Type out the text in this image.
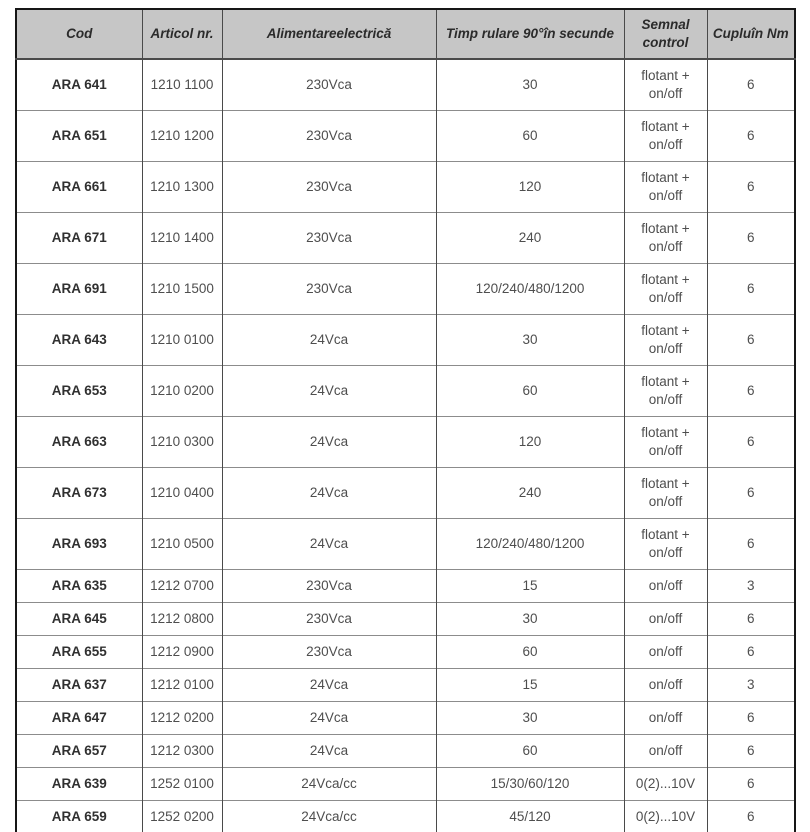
Cod	Articol nr.	Alimentareelectrică	Timp rulare 90°în secunde	Semnal control	Cupluîn Nm
ARA 641	1210 1100	230Vca	30	flotant + on/off	6
ARA 651	1210 1200	230Vca	60	flotant + on/off	6
ARA 661	1210 1300	230Vca	120	flotant + on/off	6
ARA 671	1210 1400	230Vca	240	flotant + on/off	6
ARA 691	1210 1500	230Vca	120/240/480/1200	flotant + on/off	6
ARA 643	1210 0100	24Vca	30	flotant + on/off	6
ARA 653	1210 0200	24Vca	60	flotant + on/off	6
ARA 663	1210 0300	24Vca	120	flotant + on/off	6
ARA 673	1210 0400	24Vca	240	flotant + on/off	6
ARA 693	1210 0500	24Vca	120/240/480/1200	flotant + on/off	6
ARA 635	1212 0700	230Vca	15	on/off	3
ARA 645	1212 0800	230Vca	30	on/off	6
ARA 655	1212 0900	230Vca	60	on/off	6
ARA 637	1212 0100	24Vca	15	on/off	3
ARA 647	1212 0200	24Vca	30	on/off	6
ARA 657	1212 0300	24Vca	60	on/off	6
ARA 639	1252 0100	24Vca/cc	15/30/60/120	0(2)...10V	6
ARA 659	1252 0200	24Vca/cc	45/120	0(2)...10V	6
